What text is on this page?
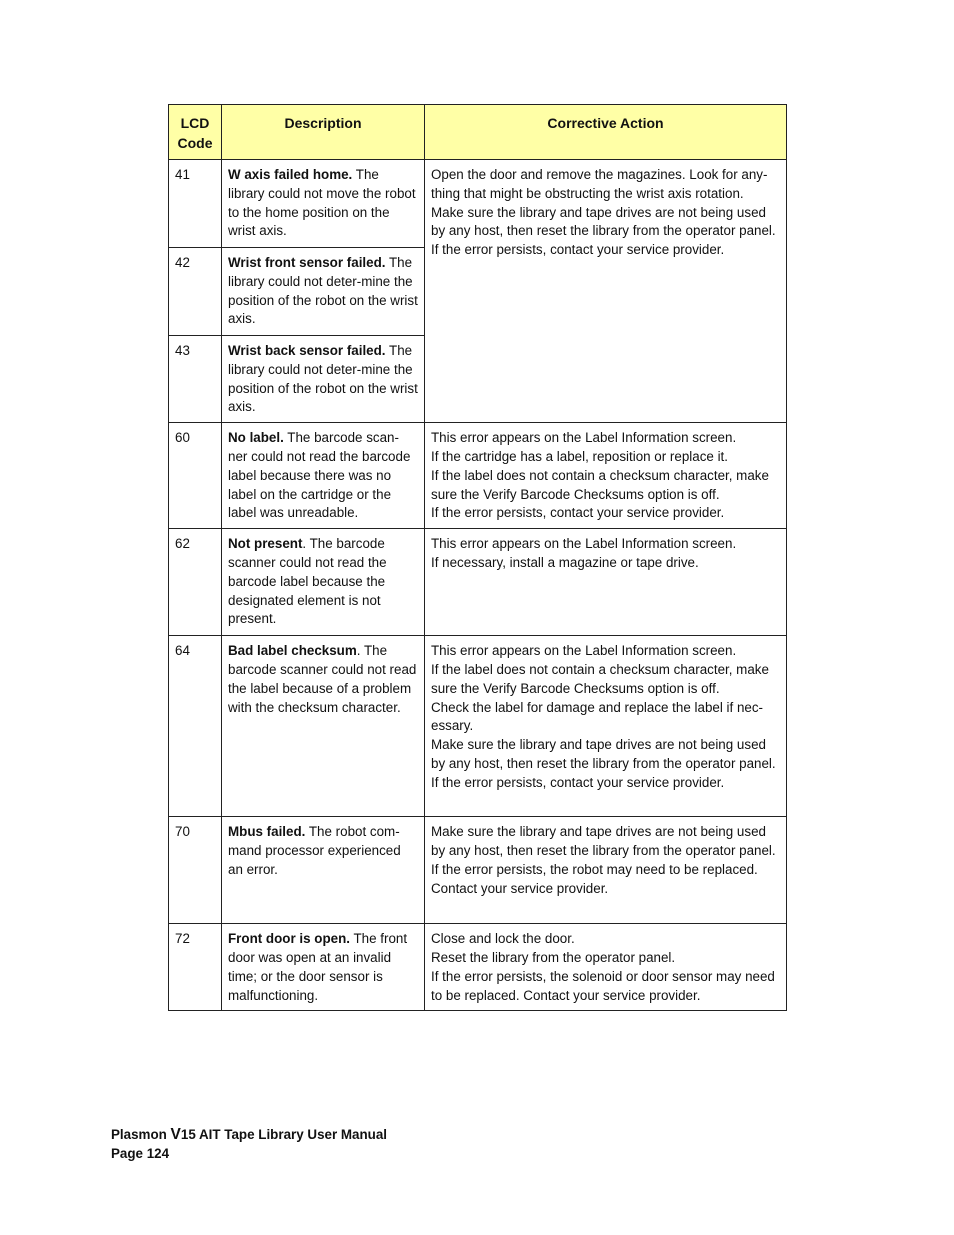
LCD Code	Description	Corrective Action
41	W axis failed home. The library could not move the robot to the home position on the wrist axis.	Open the door and remove the magazines. Look for any-thing that might be obstructing the wrist axis rotation.
Make sure the library and tape drives are not being used by any host, then reset the library from the operator panel.
If the error persists, contact your service provider.

42	Wrist front sensor failed. The library could not deter-mine the position of the robot on the wrist axis.	
43	Wrist back sensor failed. The library could not deter-mine the position of the robot on the wrist axis.	
60	No label. The barcode scan-ner could not read the barcode label because there was no label on the cartridge or the label was unreadable.	This error appears on the Label Information screen.
If the cartridge has a label, reposition or replace it.
If the label does not contain a checksum character, make sure the Verify Barcode Checksums option is off.
If the error persists, contact your service provider.

62	Not present. The barcode scanner could not read the barcode label because the designated element is not present.	This error appears on the Label Information screen.
If necessary, install a magazine or tape drive.

64	Bad label checksum. The barcode scanner could not read the label because of a problem with the checksum character.	This error appears on the Label Information screen.
If the label does not contain a checksum character, make sure the Verify Barcode Checksums option is off.
Check the label for damage and replace the label if nec-essary.
Make sure the library and tape drives are not being used by any host, then reset the library from the operator panel.
If the error persists, contact your service provider.

70	Mbus failed. The robot com-mand processor experienced an error.	Make sure the library and tape drives are not being used by any host, then reset the library from the operator panel.
If the error persists, the robot may need to be replaced. Contact your service provider.

72	Front door is open. The front door was open at an invalid time; or the door sensor is malfunctioning.	Close and lock the door.
Reset the library from the operator panel.
If the error persists, the solenoid or door sensor may need to be replaced. Contact your service provider.
Plasmon V15 AIT Tape Library User Manual
Page 124
